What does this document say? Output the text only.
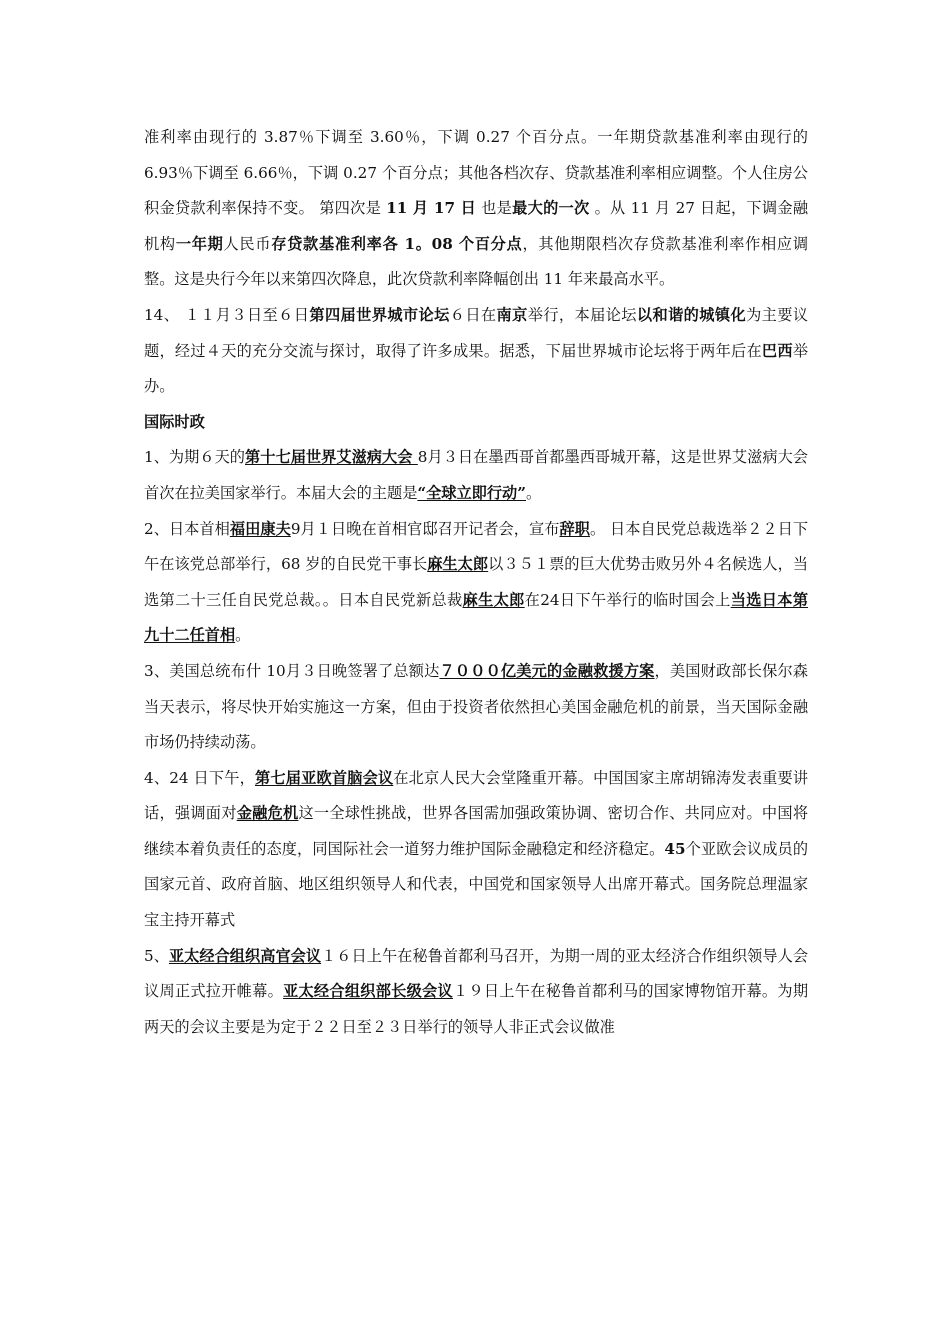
准利率由现行的 3.87％下调至 3.60％，下调 0.27 个百分点。一年期贷款基准利率由现行的 6.93％下调至 6.66％，下调 0.27 个百分点；其他各档次存、贷款基准利率相应调整。个人住房公积金贷款利率保持不变。 第四次是 11 月 17 日 也是最大的一次 。从 11 月 27 日起，下调金融机构一年期人民币存贷款基准利率各 1。08 个百分点，其他期限档次存贷款基准利率作相应调整。这是央行今年以来第四次降息，此次贷款利率降幅创出 11 年来最高水平。

14、 １１月３日至６日第四届世界城市论坛６日在南京举行，本届论坛以和谐的城镇化为主要议题，经过４天的充分交流与探讨，取得了许多成果。据悉，下届世界城市论坛将于两年后在巴西举办。

国际时政

1、为期６天的第十七届世界艾滋病大会 8月３日在墨西哥首都墨西哥城开幕，这是世界艾滋病大会首次在拉美国家举行。本届大会的主题是“全球立即行动”。

2、日本首相福田康夫9月１日晚在首相官邸召开记者会，宣布辞职。 日本自民党总裁选举２２日下午在该党总部举行，68 岁的自民党干事长麻生太郎以３５１票的巨大优势击败另外４名候选人，当选第二十三任自民党总裁。。日本自民党新总裁麻生太郎在24日下午举行的临时国会上当选日本第九十二任首相。

3、美国总统布什 10月３日晚签署了总额达７０００亿美元的金融救援方案，美国财政部长保尔森当天表示，将尽快开始实施这一方案，但由于投资者依然担心美国金融危机的前景，当天国际金融市场仍持续动荡。

4、24 日下午，第七届亚欧首脑会议在北京人民大会堂隆重开幕。中国国家主席胡锦涛发表重要讲话，强调面对金融危机这一全球性挑战，世界各国需加强政策协调、密切合作、共同应对。中国将继续本着负责任的态度，同国际社会一道努力维护国际金融稳定和经济稳定。45个亚欧会议成员的国家元首、政府首脑、地区组织领导人和代表，中国党和国家领导人出席开幕式。国务院总理温家宝主持开幕式

5、亚太经合组织高官会议１６日上午在秘鲁首都利马召开，为期一周的亚太经济合作组织领导人会议周正式拉开帷幕。亚太经合组织部长级会议１９日上午在秘鲁首都利马的国家博物馆开幕。为期两天的会议主要是为定于２２日至２３日举行的领导人非正式会议做准
